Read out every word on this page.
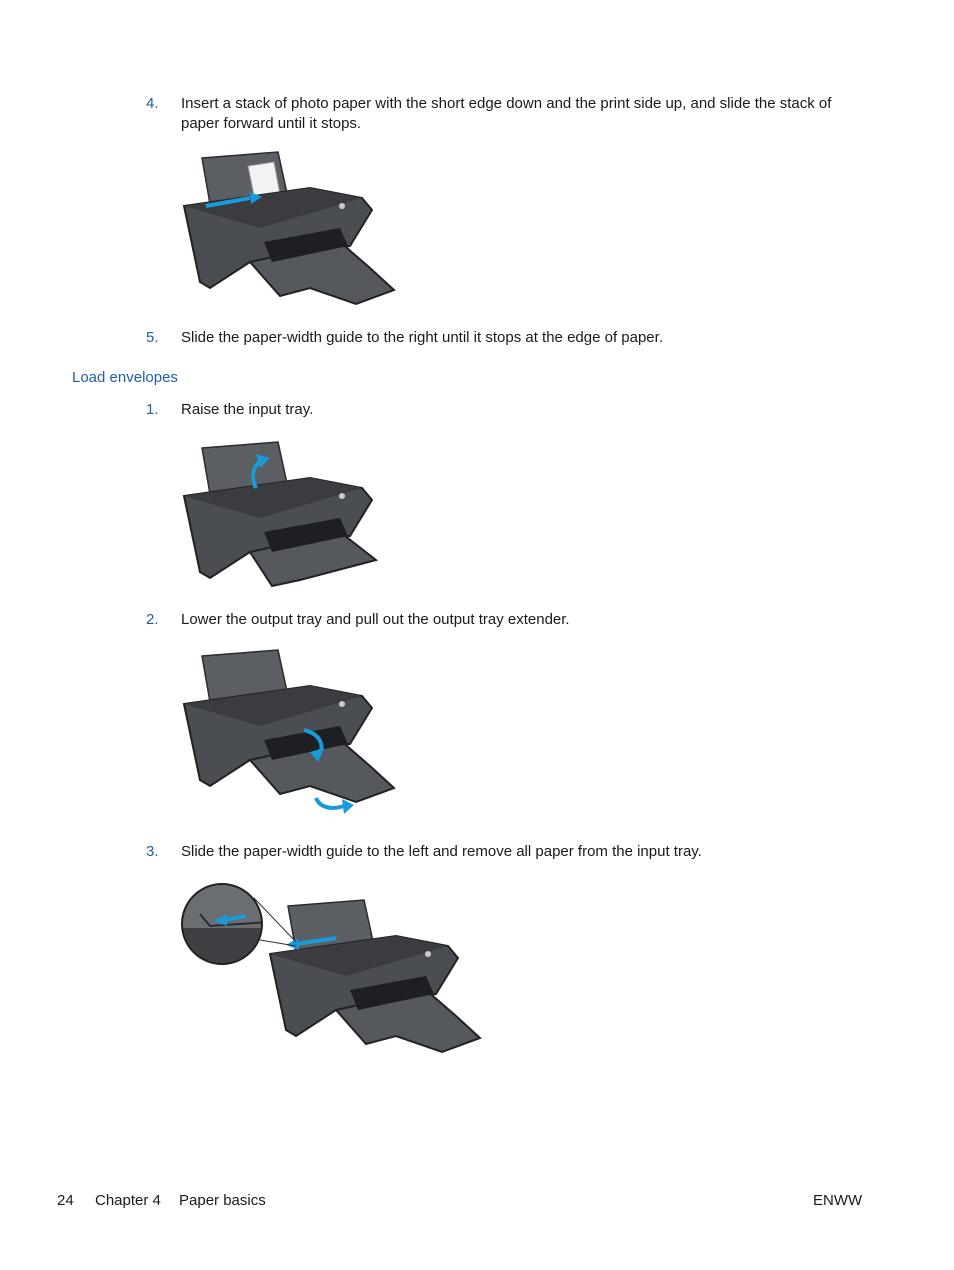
4. Insert a stack of photo paper with the short edge down and the print side up, and slide the stack of paper forward until it stops.
5. Slide the paper-width guide to the right until it stops at the edge of paper.
Load envelopes
1. Raise the input tray.
2. Lower the output tray and pull out the output tray extender.
3. Slide the paper-width guide to the left and remove all paper from the input tray.
24 Chapter 4 Paper basics	ENWW
